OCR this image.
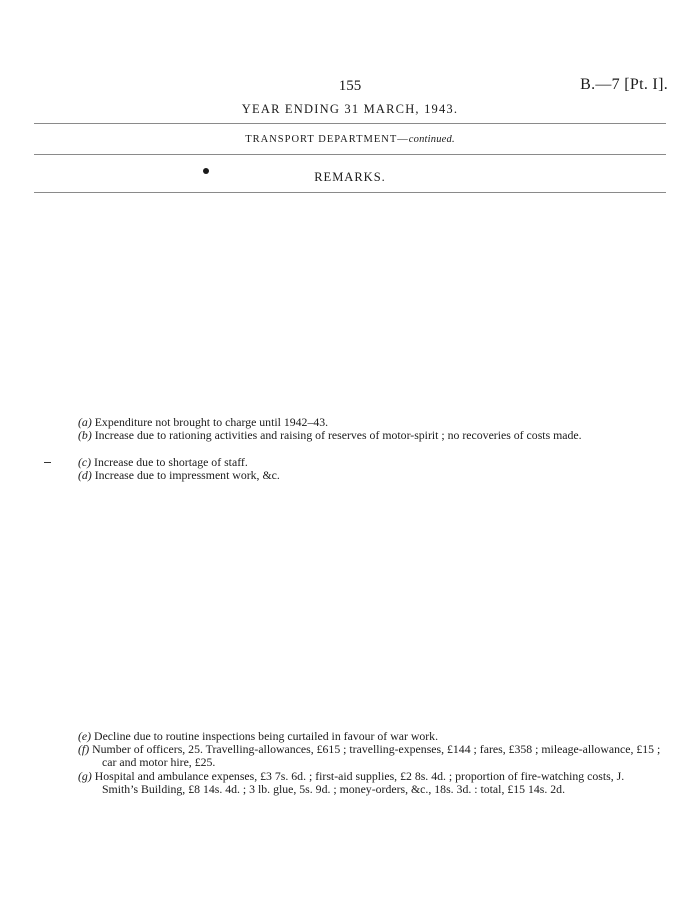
155	B.—7 [Pt. I].
YEAR ENDING 31 MARCH, 1943.
TRANSPORT DEPARTMENT—continued.
REMARKS.
(a) Expenditure not brought to charge until 1942–43.
(b) Increase due to rationing activities and raising of reserves of motor-spirit ; no recoveries of costs made.
(c) Increase due to shortage of staff.
(d) Increase due to impressment work, &c.
(e) Decline due to routine inspections being curtailed in favour of war work.
(f) Number of officers, 25. Travelling-allowances, £615 ; travelling-expenses, £144 ; fares, £358 ; mileage-allowance, £15 ; car and motor hire, £25.
(g) Hospital and ambulance expenses, £3 7s. 6d. ; first-aid supplies, £2 8s. 4d. ; proportion of fire-watching costs, J. Smith’s Building, £8 14s. 4d. ; 3 lb. glue, 5s. 9d. ; money-orders, &c., 18s. 3d. : total, £15 14s. 2d.
